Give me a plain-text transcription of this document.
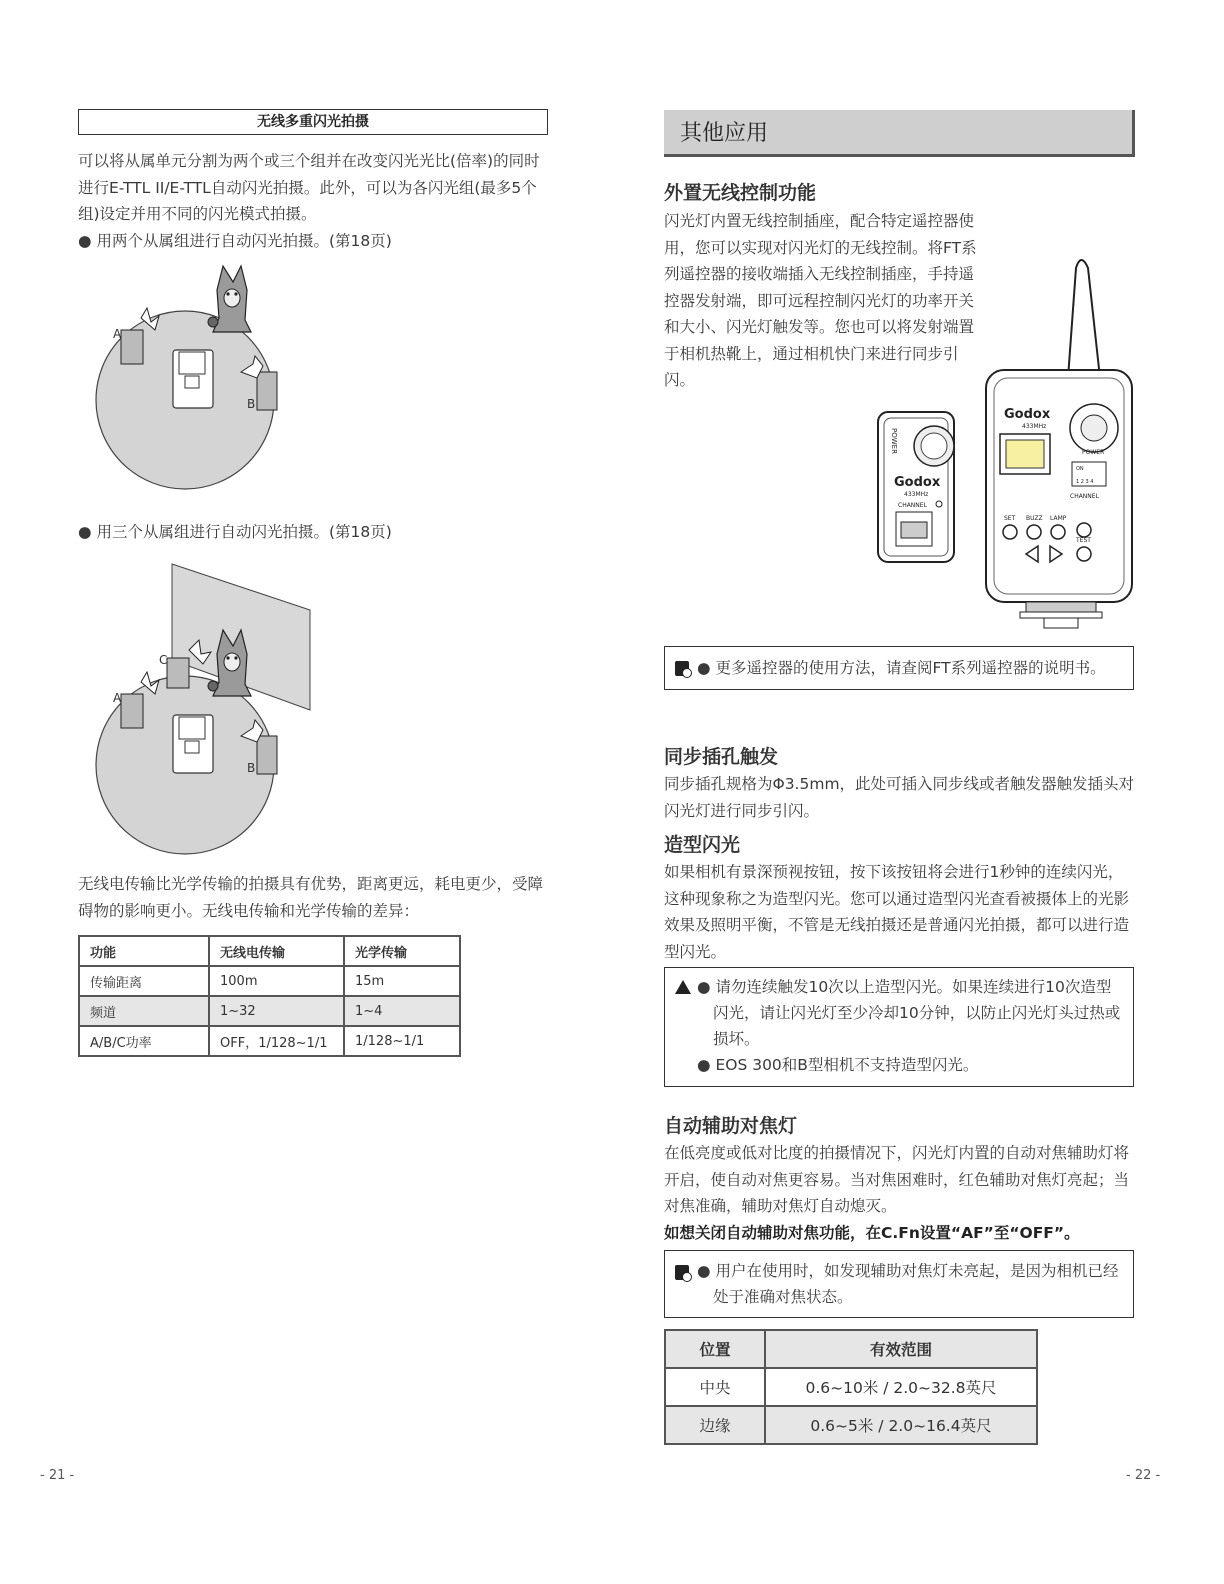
无线多重闪光拍摄
可以将从属单元分割为两个或三个组并在改变闪光光比(倍率)的同时
进行E-TTL II/E-TTL自动闪光拍摄。此外，可以为各闪光组(最多5个
组)设定并用不同的闪光模式拍摄。
● 用两个从属组进行自动闪光拍摄。(第18页)
A
B
● 用三个从属组进行自动闪光拍摄。(第18页)
C
A
B
无线电传输比光学传输的拍摄具有优势，距离更远，耗电更少，受障
碍物的影响更小。无线电传输和光学传输的差异：
功能	无线电传输	光学传输
传输距离	100m	15m
频道	1~32	1~4
A/B/C功率	OFF，1/128~1/1	1/128~1/1
- 21 -
其他应用
外置无线控制功能
闪光灯内置无线控制插座，配合特定遥控器使
用，您可以实现对闪光灯的无线控制。将FT系
列遥控器的接收端插入无线控制插座，手持遥
控器发射端，即可远程控制闪光灯的功率开关
和大小、闪光灯触发等。您也可以将发射端置
于相机热靴上，通过相机快门来进行同步引
闪。
POWER
Godox
433MHz
CHANNEL
Godox
433MHz
POWER
ON
1 2 3 4
CHANNEL
SET BUZZ LAMP
TEST
● 更多遥控器的使用方法，请查阅FT系列遥控器的说明书。
同步插孔触发
同步插孔规格为Φ3.5mm，此处可插入同步线或者触发器触发插头对
闪光灯进行同步引闪。
造型闪光
如果相机有景深预视按钮，按下该按钮将会进行1秒钟的连续闪光，
这种现象称之为造型闪光。您可以通过造型闪光查看被摄体上的光影
效果及照明平衡，不管是无线拍摄还是普通闪光拍摄，都可以进行造
型闪光。
● 请勿连续触发10次以上造型闪光。如果连续进行10次造型
闪光，请让闪光灯至少冷却10分钟，以防止闪光灯头过热或
损坏。
● EOS 300和B型相机不支持造型闪光。
自动辅助对焦灯
在低亮度或低对比度的拍摄情况下，闪光灯内置的自动对焦辅助灯将
开启，使自动对焦更容易。当对焦困难时，红色辅助对焦灯亮起；当
对焦准确，辅助对焦灯自动熄灭。
如想关闭自动辅助对焦功能，在C.Fn设置“AF”至“OFF”。
● 用户在使用时，如发现辅助对焦灯未亮起，是因为相机已经
处于准确对焦状态。
位置	有效范围
中央	0.6~10米 / 2.0~32.8英尺
边缘	0.6~5米 / 2.0~16.4英尺
- 22 -
